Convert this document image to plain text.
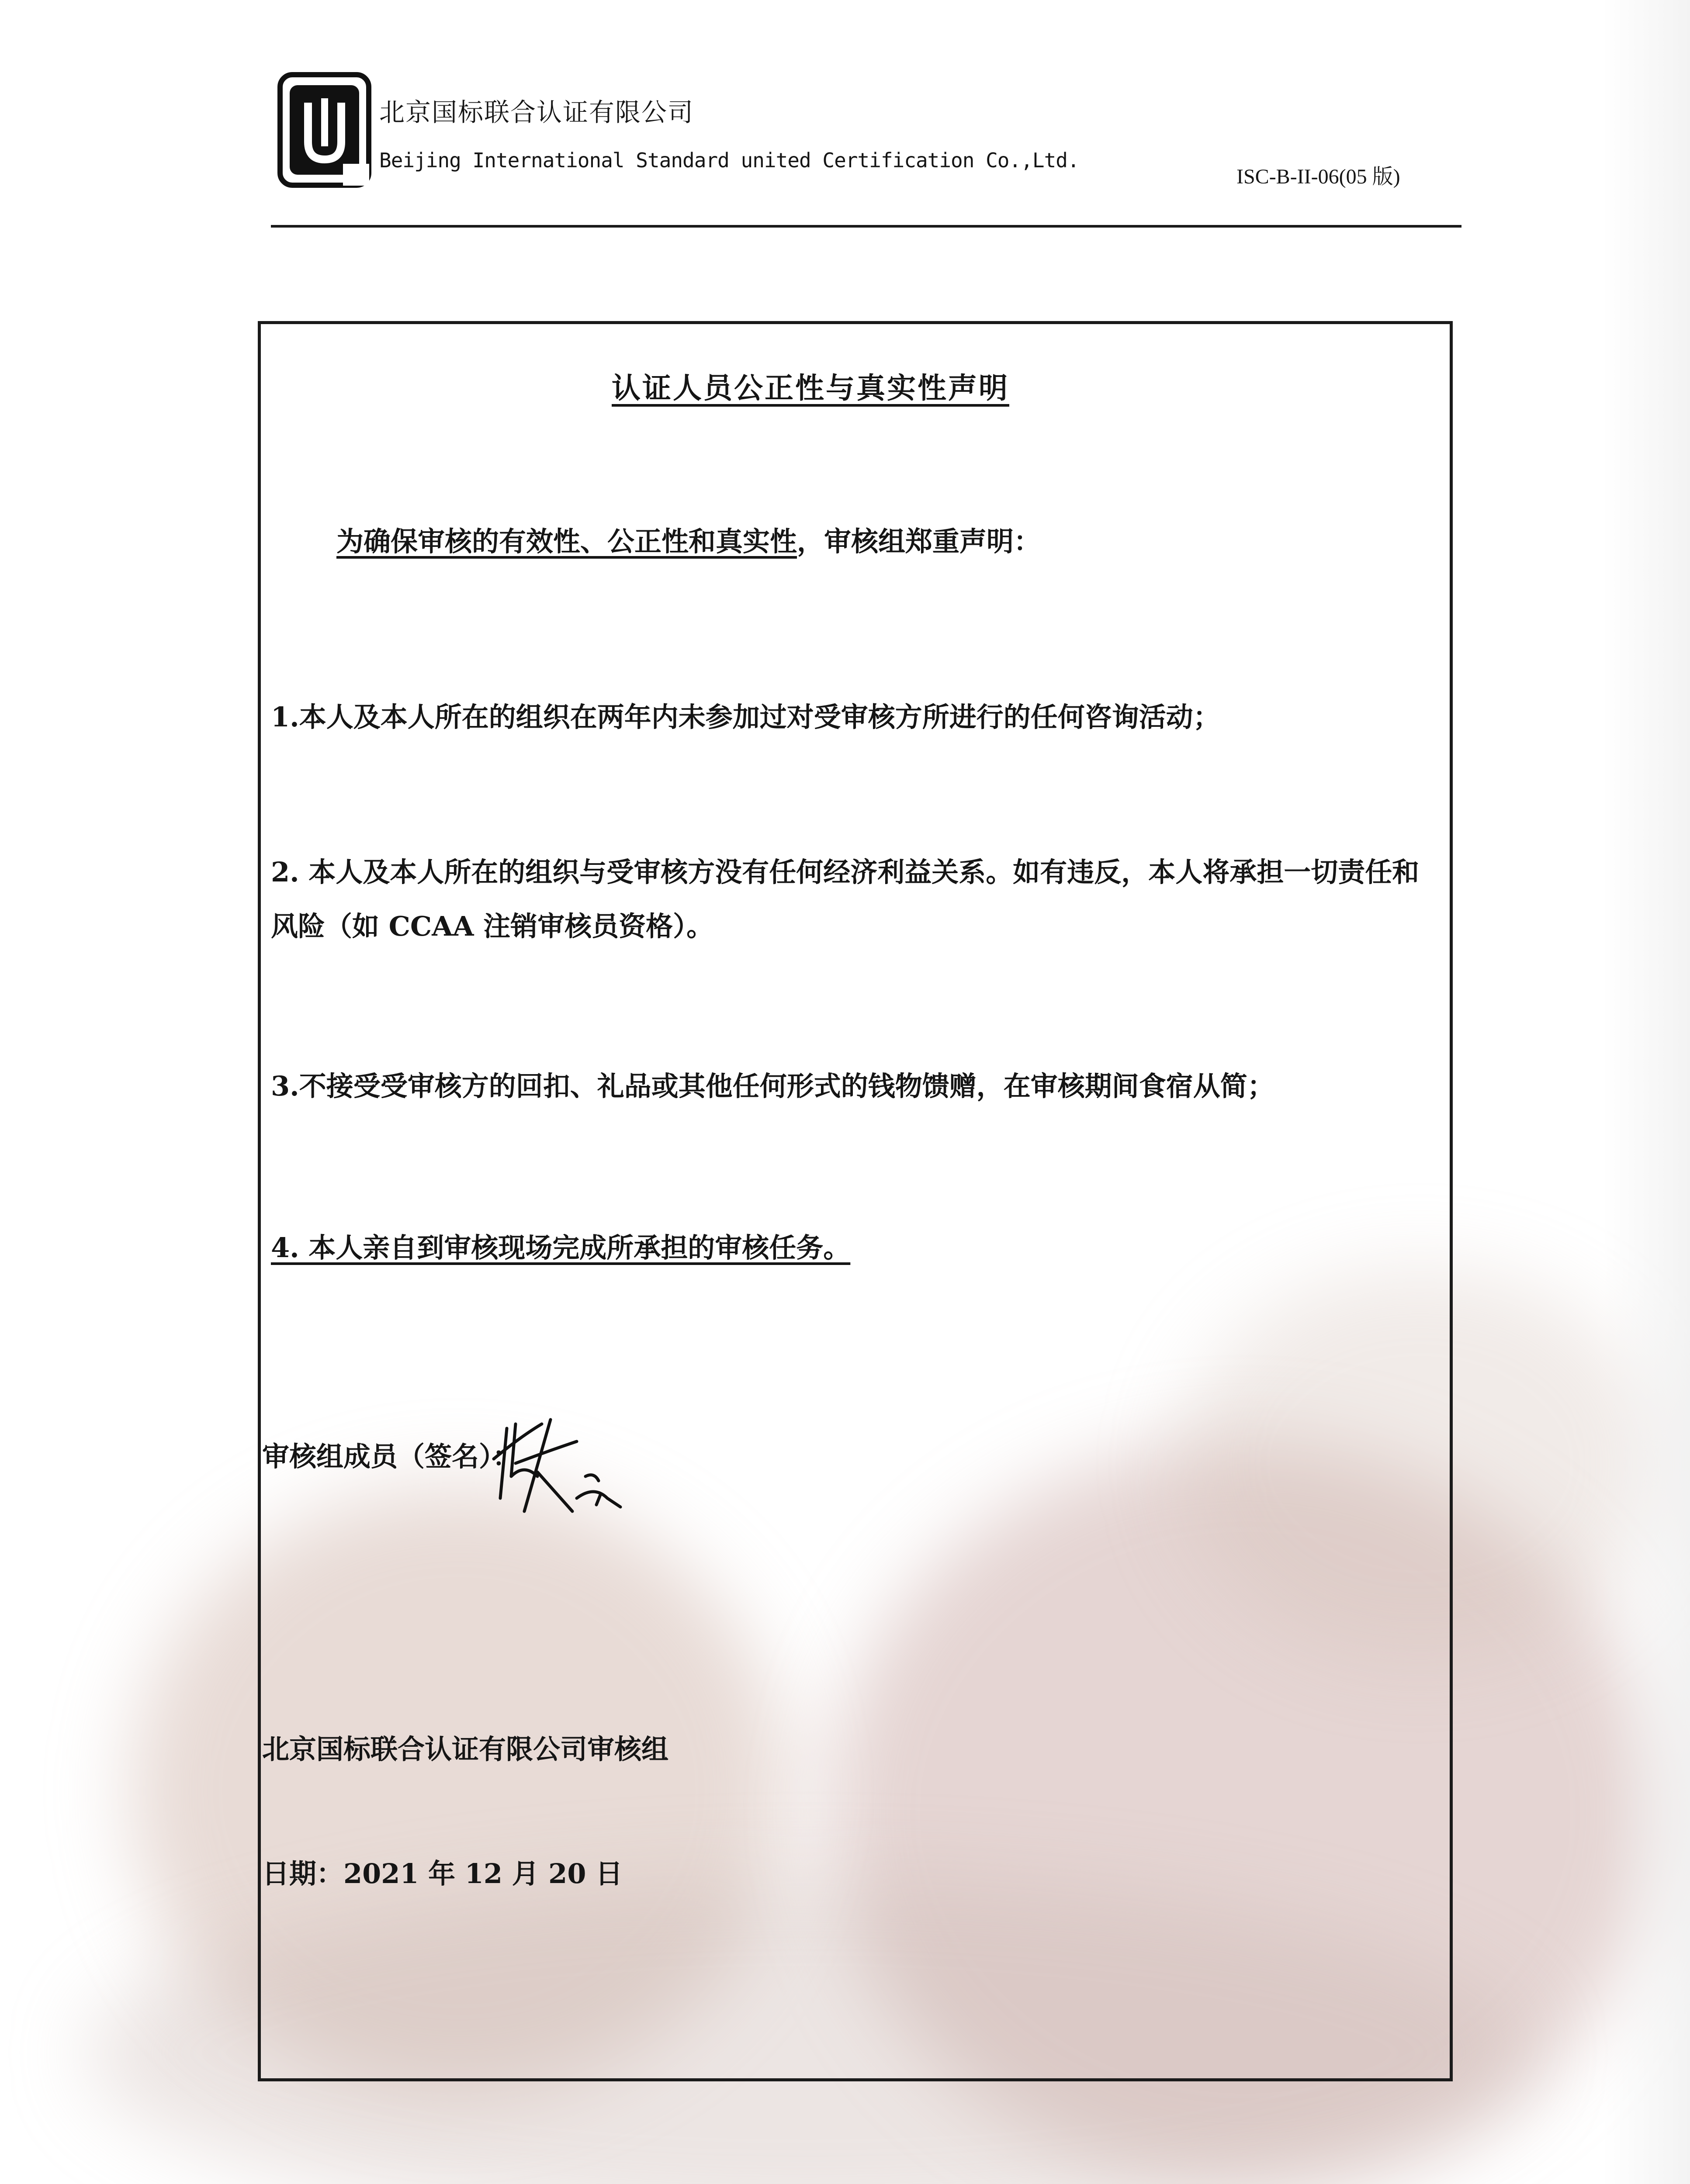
北京国标联合认证有限公司
Beijing International Standard united Certification Co.,Ltd.
ISC-B-II-06(05 版)
认证人员公正性与真实性声明
为确保审核的有效性、公正性和真实性，审核组郑重声明：
1.本人及本人所在的组织在两年内未参加过对受审核方所进行的任何咨询活动；
2. 本人及本人所在的组织与受审核方没有任何经济利益关系。如有违反，本人将承担一切责任和风险（如 CCAA 注销审核员资格）。
3.不接受受审核方的回扣、礼品或其他任何形式的钱物馈赠，在审核期间食宿从简；
4. 本人亲自到审核现场完成所承担的审核任务。
审核组成员（签名）：
北京国标联合认证有限公司审核组
日期：2021 年 12 月 20 日
